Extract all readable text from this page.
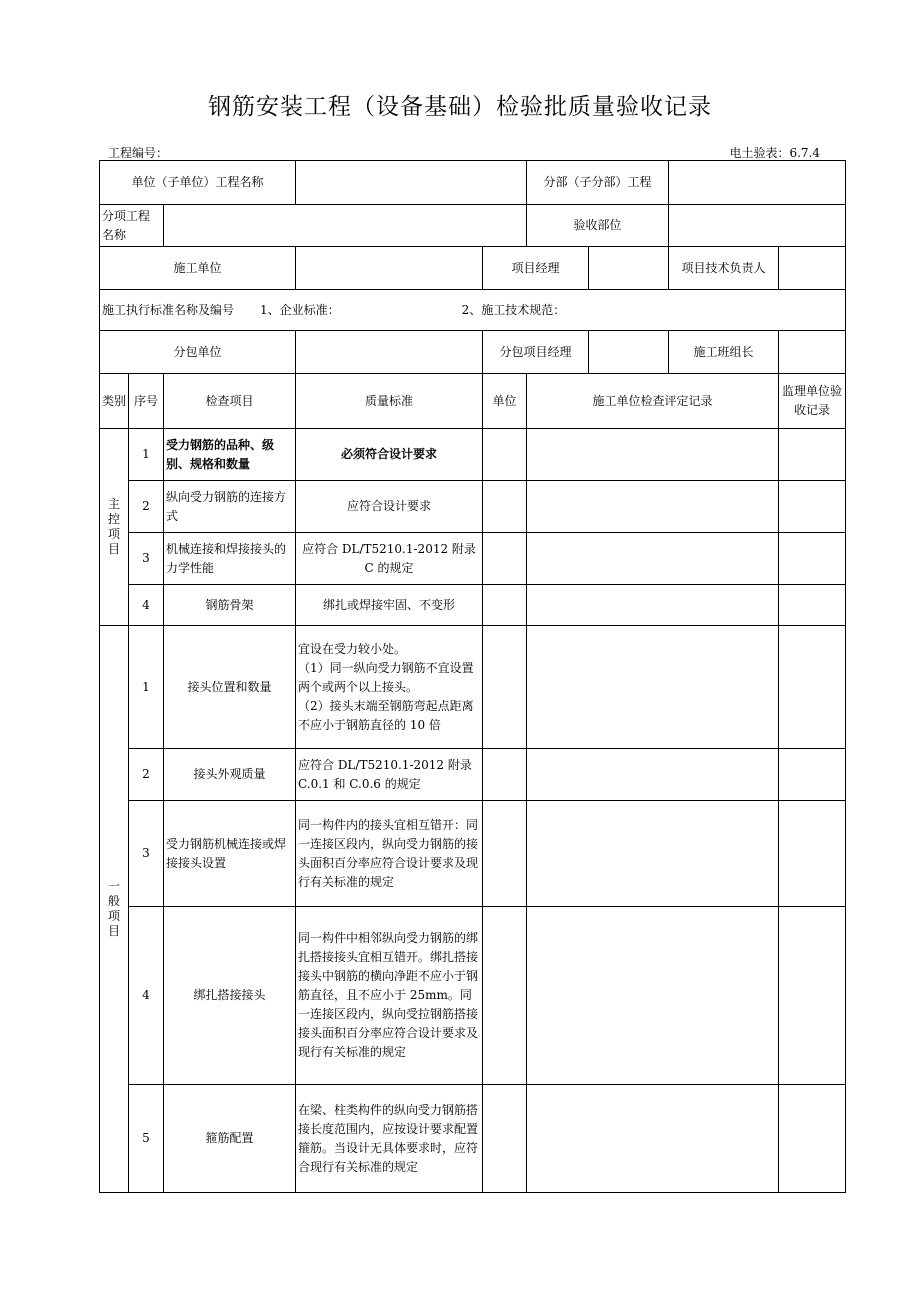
钢筋安装工程（设备基础）检验批质量验收记录
工程编号：	电土验表：6.7.4
单位（子单位）工程名称					分部（子分部）工程			
分项工程名称					验收部位			
施工单位				项目经理			项目技术负责人	
施工执行标准名称及编号 1、企业标准： 2、施工技术规范：								
分包单位				分包项目经理			施工班组长	
类别	序号	检查项目	质量标准	单位	施工单位检查评定记录			监理单位验收记录

主控项目	1	受力钢筋的品种、级别、规格和数量	必须符合设计要求					
	2	纵向受力钢筋的连接方式	应符合设计要求					
	3	机械连接和焊接接头的力学性能	应符合 DL/T5210.1-2012 附录 C 的规定					
	4	钢筋骨架	绑扎或焊接牢固、不变形					

一般项目	1	接头位置和数量	宜设在受力较小处。
（1）同一纵向受力钢筋不宜设置两个或两个以上接头。
（2）接头末端至钢筋弯起点距离不应小于钢筋直径的 10 倍					
	2	接头外观质量	应符合 DL/T5210.1-2012 附录 C.0.1 和 C.0.6 的规定					
	3	受力钢筋机械连接或焊接接头设置	同一构件内的接头宜相互错开：同一连接区段内，纵向受力钢筋的接头面积百分率应符合设计要求及现行有关标准的规定					
	4	绑扎搭接接头	同一构件中相邻纵向受力钢筋的绑扎搭接接头宜相互错开。绑扎搭接接头中钢筋的横向净距不应小于钢筋直径，且不应小于 25mm。同一连接区段内，纵向受拉钢筋搭接接头面积百分率应符合设计要求及现行有关标准的规定					
	5	箍筋配置	在梁、柱类构件的纵向受力钢筋搭接长度范围内，应按设计要求配置箍筋。当设计无具体要求时，应符合现行有关标准的规定					
